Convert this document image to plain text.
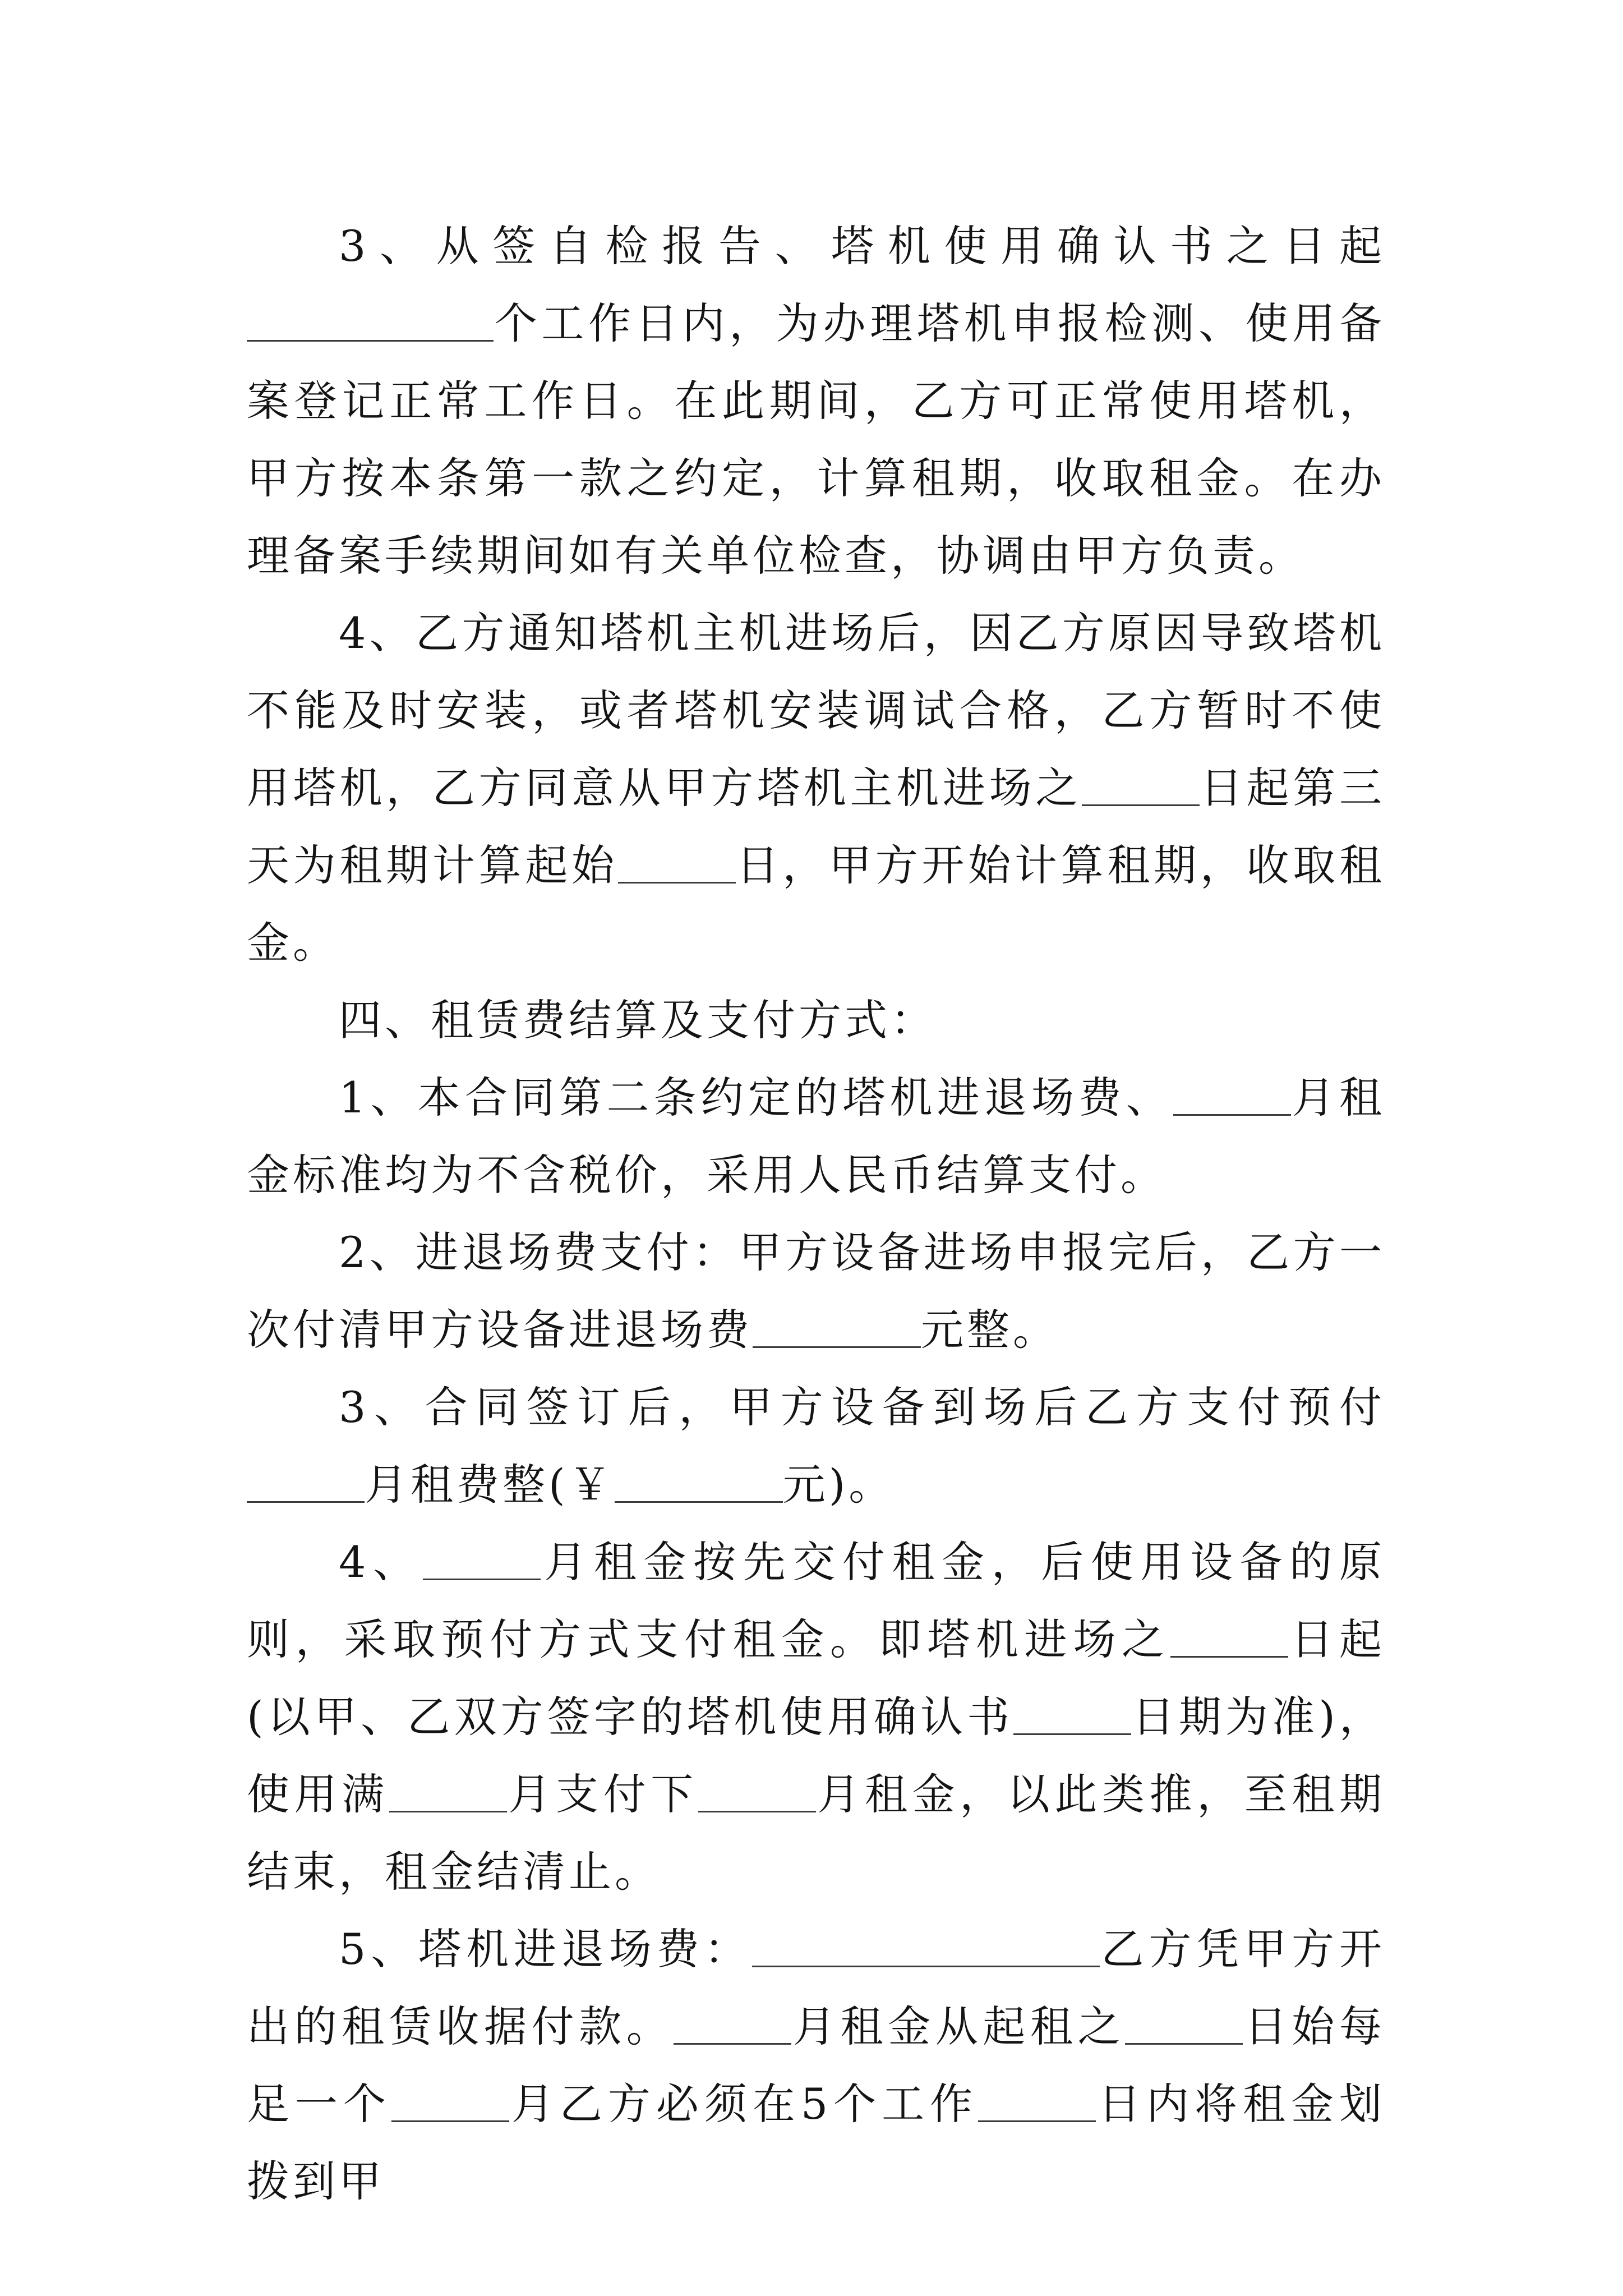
3、从签自检报告、塔机使用确认书之日起个工作日内，为办理塔机申报检测、使用备案登记正常工作日。在此期间，乙方可正常使用塔机，甲方按本条第一款之约定，计算租期，收取租金。在办理备案手续期间如有关单位检查，协调由甲方负责。

4、乙方通知塔机主机进场后，因乙方原因导致塔机不能及时安装，或者塔机安装调试合格，乙方暂时不使用塔机，乙方同意从甲方塔机主机进场之	日起第三天为租期计算起始	日，甲方开始计算租期，收取租金。

四、租赁费结算及支付方式：

1、本合同第二条约定的塔机进退场费、	月租金标准均为不含税价，采用人民币结算支付。

2、进退场费支付：甲方设备进场申报完后，乙方一次付清甲方设备进退场费	元整。

3、合同签订后，甲方设备到场后乙方支付预付月租费整(￥	元)。

4、	月租金按先交付租金，后使用设备的原则，采取预付方式支付租金。即塔机进场之	日起(以甲、乙双方签字的塔机使用确认书	日期为准)，使用满	月支付下	月租金，以此类推，至租期结束，租金结清止。

5、塔机进退场费：	乙方凭甲方开出的租赁收据付款。	月租金从起租之	日始每足一个	月乙方必须在5个工作	日内将租金划拨到甲
